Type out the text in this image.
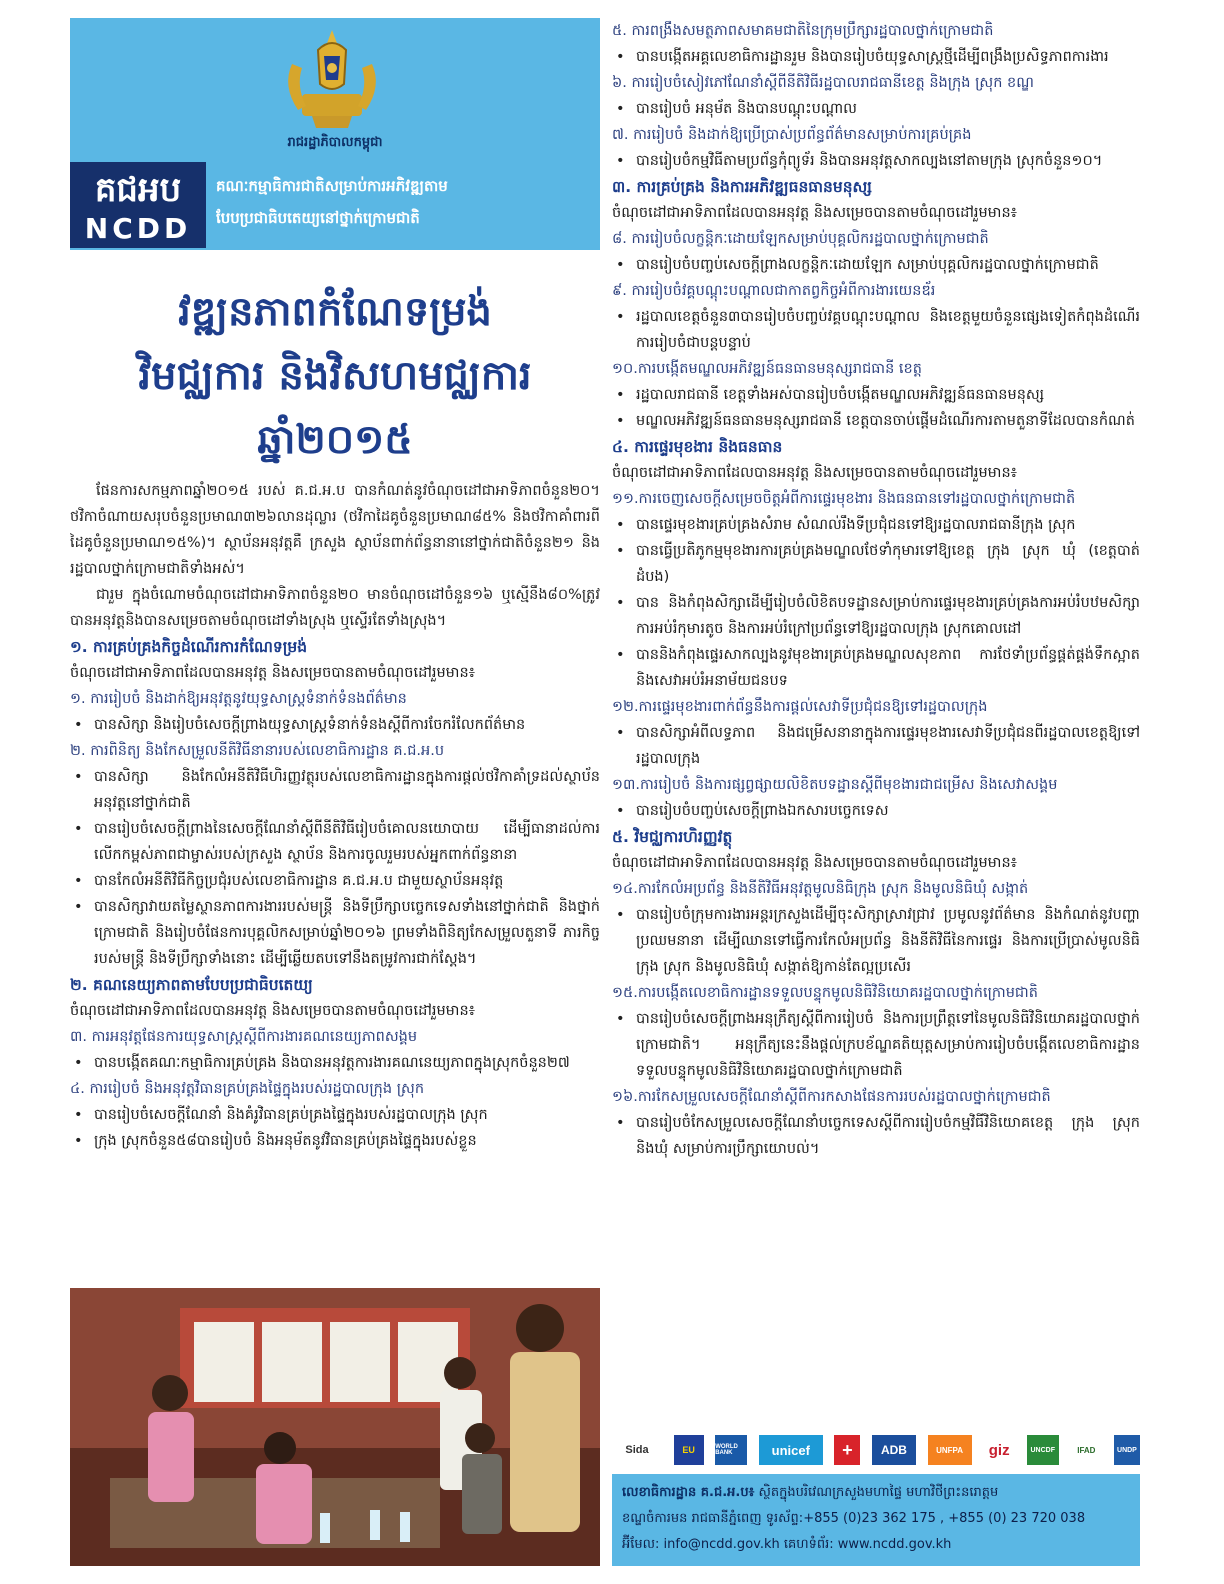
រាជរដ្ឋាភិបាលកម្ពុជា
គជអប
NCDD
គណៈកម្មាធិការជាតិសម្រាប់ការអភិវឌ្ឍតាម
បែបប្រជាធិបតេយ្យនៅថ្នាក់ក្រោមជាតិ
វឌ្ឍនភាពកំណែទម្រង់
វិមជ្ឈការ និងវិសហមជ្ឈការ
ឆ្នាំ២០១៥

ផែនការសកម្មភាពឆ្នាំ២០១៥ របស់ គ.ជ.អ.ប បានកំណត់នូវចំណុចដៅជាអាទិភាពចំនួន២០។ ថវិកាចំណាយសរុបចំនួនប្រមាណ៣២៦លានដុល្លារ (ថវិកាដៃគូចំនួនប្រមាណ៨៥% និងថវិកាគាំពារពីដៃគូចំនួនប្រមាណ១៥%)។ ស្ថាប័នអនុវត្តគឺ ក្រសួង ស្ថាប័នពាក់ព័ន្ធនានានៅថ្នាក់ជាតិចំនួន២១ និងរដ្ឋបាលថ្នាក់ក្រោមជាតិទាំងអស់។

ជារួម ក្នុងចំណោមចំណុចដៅជាអាទិភាពចំនួន២០ មានចំណុចដៅចំនួន១៦ ឬស្មើនឹង៨០%ត្រូវបានអនុវត្តនិងបានសម្រេចតាមចំណុចដៅទាំងស្រុង ឬស្ទើរតែទាំងស្រុង។

១. ការគ្រប់គ្រងកិច្ចដំណើរការកំណែទម្រង់
ចំណុចដៅជាអាទិភាពដែលបានអនុវត្ត និងសម្រេចបានតាមចំណុចដៅរួមមាន៖
១. ការរៀបចំ និងដាក់ឱ្យអនុវត្តនូវយុទ្ធសាស្ត្រទំនាក់ទំនងព័ត៌មាន
• បានសិក្សា និងរៀបចំសេចក្ដីព្រាងយុទ្ធសាស្ត្រទំនាក់ទំនងស្ដីពីការចែករំលែកព័ត៌មាន
២. ការពិនិត្យ និងកែសម្រួលនីតិវិធីនានារបស់លេខាធិការដ្ឋាន គ.ជ.អ.ប
• បានសិក្សា និងកែលំអនីតិវិធីហិរញ្ញវត្ថុរបស់លេខាធិការដ្ឋានក្នុងការផ្ដល់ថវិកាគាំទ្រដល់ស្ថាប័នអនុវត្តនៅថ្នាក់ជាតិ
• បានរៀបចំសេចក្ដីព្រាងនៃសេចក្ដីណែនាំស្ដីពីនីតិវិធីរៀបចំគោលនយោបាយ ដើម្បីធានាដល់ការលើកកម្ពស់ភាពជាម្ចាស់របស់ក្រសួង ស្ថាប័ន និងការចូលរួមរបស់អ្នកពាក់ព័ន្ធនានា
• បានកែលំអនីតិវិធីកិច្ចប្រជុំរបស់លេខាធិការដ្ឋាន គ.ជ.អ.ប ជាមួយស្ថាប័នអនុវត្ត
• បានសិក្សាវាយតម្លៃស្ថានភាពការងាររបស់មន្ត្រី និងទីប្រឹក្សាបច្ចេកទេសទាំងនៅថ្នាក់ជាតិ និងថ្នាក់ក្រោមជាតិ និងរៀបចំផែនការបុគ្គលិកសម្រាប់ឆ្នាំ២០១៦ ព្រមទាំងពិនិត្យកែសម្រួលតួនាទី ភារកិច្ចរបស់មន្ត្រី និងទីប្រឹក្សាទាំងនោះ ដើម្បីឆ្លើយតបទៅនឹងតម្រូវការជាក់ស្ដែង។
២. គណនេយ្យភាពតាមបែបប្រជាធិបតេយ្យ
ចំណុចដៅជាអាទិភាពដែលបានអនុវត្ត និងសម្រេចបានតាមចំណុចដៅរួមមាន៖
៣. ការអនុវត្តផែនការយុទ្ធសាស្ត្រស្ដីពីការងារគណនេយ្យភាពសង្គម
• បានបង្កើតគណៈកម្មាធិការគ្រប់គ្រង និងបានអនុវត្តការងារគណនេយ្យភាពក្នុងស្រុកចំនួន២៧
៤. ការរៀបចំ និងអនុវត្តវិធានគ្រប់គ្រងផ្ទៃក្នុងរបស់រដ្ឋបាលក្រុង ស្រុក
• បានរៀបចំសេចក្ដីណែនាំ និងគំរូវិធានគ្រប់គ្រងផ្ទៃក្នុងរបស់រដ្ឋបាលក្រុង ស្រុក
• ក្រុង ស្រុកចំនួន៥៨បានរៀបចំ និងអនុម័តនូវវិធានគ្រប់គ្រងផ្ទៃក្នុងរបស់ខ្លួន
៥. ការពង្រឹងសមត្ថភាពសមាគមជាតិនៃក្រុមប្រឹក្សារដ្ឋបាលថ្នាក់ក្រោមជាតិ
• បានបង្កើតអគ្គលេខាធិការដ្ឋានរួម និងបានរៀបចំយុទ្ធសាស្ត្រថ្មីដើម្បីពង្រឹងប្រសិទ្ធភាពការងារ
៦. ការរៀបចំសៀវភៅណែនាំស្ដីពីនីតិវិធីរដ្ឋបាលរាជធានីខេត្ត និងក្រុង ស្រុក ខណ្ឌ
• បានរៀបចំ អនុម័ត និងបានបណ្ដុះបណ្ដាល
៧. ការរៀបចំ និងដាក់ឱ្យប្រើប្រាស់ប្រព័ន្ធព័ត៌មានសម្រាប់ការគ្រប់គ្រង
• បានរៀបចំកម្មវិធីតាមប្រព័ន្ធកុំព្យូទ័រ និងបានអនុវត្តសាកល្បងនៅតាមក្រុង ស្រុកចំនួន១០។
៣. ការគ្រប់គ្រង និងការអភិវឌ្ឍធនធានមនុស្ស
ចំណុចដៅជាអាទិភាពដែលបានអនុវត្ត និងសម្រេចបានតាមចំណុចដៅរួមមាន៖
៨. ការរៀបចំលក្ខន្តិកៈដោយឡែកសម្រាប់បុគ្គលិករដ្ឋបាលថ្នាក់ក្រោមជាតិ
• បានរៀបចំបញ្ចប់សេចក្ដីព្រាងលក្ខន្តិកៈដោយឡែក សម្រាប់បុគ្គលិករដ្ឋបាលថ្នាក់ក្រោមជាតិ
៩. ការរៀបចំវគ្គបណ្ដុះបណ្ដាលជាកាតព្វកិច្ចអំពីការងារយេនឌ័រ
• រដ្ឋបាលខេត្តចំនួន៣បានរៀបចំបញ្ចប់វគ្គបណ្ដុះបណ្ដាល និងខេត្តមួយចំនួនផ្សេងទៀតកំពុងដំណើរការរៀបចំជាបន្តបន្ទាប់
១០.ការបង្កើតមណ្ឌលអភិវឌ្ឍន៍ធនធានមនុស្សរាជធានី ខេត្ត
• រដ្ឋបាលរាជធានី ខេត្តទាំងអស់បានរៀបចំបង្កើតមណ្ឌលអភិវឌ្ឍន៍ធនធានមនុស្ស
• មណ្ឌលអភិវឌ្ឍន៍ធនធានមនុស្សរាជធានី ខេត្តបានចាប់ផ្ដើមដំណើរការតាមតួនាទីដែលបានកំណត់
៤. ការផ្ទេរមុខងារ និងធនធាន
ចំណុចដៅជាអាទិភាពដែលបានអនុវត្ត និងសម្រេចបានតាមចំណុចដៅរួមមាន៖
១១.ការចេញសេចក្ដីសម្រេចចិត្តអំពីការផ្ទេរមុខងារ និងធនធានទៅរដ្ឋបាលថ្នាក់ក្រោមជាតិ
• បានផ្ទេរមុខងារគ្រប់គ្រងសំរាម សំណល់រឹងទីប្រជុំជនទៅឱ្យរដ្ឋបាលរាជធានីក្រុង ស្រុក
• បានធ្វើប្រតិភូកម្មមុខងារការគ្រប់គ្រងមណ្ឌលថែទាំកុមារទៅឱ្យខេត្ត ក្រុង ស្រុក ឃុំ (ខេត្តបាត់ដំបង)
• បាន និងកំពុងសិក្សាដើម្បីរៀបចំលិខិតបទដ្ឋានសម្រាប់ការផ្ទេរមុខងារគ្រប់គ្រងការអប់រំបឋមសិក្សា ការអប់រំកុមារតូច និងការអប់រំក្រៅប្រព័ន្ធទៅឱ្យរដ្ឋបាលក្រុង ស្រុកគោលដៅ
• បាននិងកំពុងផ្ទេរសាកល្បងនូវមុខងារគ្រប់គ្រងមណ្ឌលសុខភាព ការថែទាំប្រព័ន្ធផ្គត់ផ្គង់ទឹកស្អាត និងសេវាអប់រំអនាម័យជនបទ
១២.ការផ្ទេរមុខងារពាក់ព័ន្ធនឹងការផ្ដល់សេវាទីប្រជុំជនឱ្យទៅរដ្ឋបាលក្រុង
• បានសិក្សាអំពីលទ្ធភាព និងជម្រើសនានាក្នុងការផ្ទេរមុខងារសេវាទីប្រជុំជនពីរដ្ឋបាលខេត្តឱ្យទៅរដ្ឋបាលក្រុង
១៣.ការរៀបចំ និងការផ្សព្វផ្សាយលិខិតបទដ្ឋានស្ដីពីមុខងារជាជម្រើស និងសេវាសង្គម
• បានរៀបចំបញ្ចប់សេចក្ដីព្រាងឯកសារបច្ចេកទេស
៥. វិមជ្ឈការហិរញ្ញវត្ថុ
ចំណុចដៅជាអាទិភាពដែលបានអនុវត្ត និងសម្រេចបានតាមចំណុចដៅរួមមាន៖
១៤.ការកែលំអប្រព័ន្ធ និងនីតិវិធីអនុវត្តមូលនិធិក្រុង ស្រុក និងមូលនិធិឃុំ សង្កាត់
• បានរៀបចំក្រុមការងារអន្តរក្រសួងដើម្បីចុះសិក្សាស្រាវជ្រាវ ប្រមូលនូវព័ត៌មាន និងកំណត់នូវបញ្ហាប្រឈមនានា ដើម្បីឈានទៅធ្វើការកែលំអប្រព័ន្ធ និងនីតិវិធីនៃការផ្ទេរ និងការប្រើប្រាស់មូលនិធិក្រុង ស្រុក និងមូលនិធិឃុំ សង្កាត់ឱ្យកាន់តែល្អប្រសើរ
១៥.ការបង្កើតលេខាធិការដ្ឋានទទួលបន្ទុកមូលនិធិវិនិយោគរដ្ឋបាលថ្នាក់ក្រោមជាតិ
• បានរៀបចំសេចក្ដីព្រាងអនុក្រឹត្យស្ដីពីការរៀបចំ និងការប្រព្រឹត្តទៅនៃមូលនិធិវិនិយោគរដ្ឋបាលថ្នាក់ក្រោមជាតិ។ អនុក្រឹត្យនេះនឹងផ្ដល់ក្របខ័ណ្ឌគតិយុត្តសម្រាប់ការរៀបចំបង្កើតលេខាធិការដ្ឋានទទួលបន្ទុកមូលនិធិវិនិយោគរដ្ឋបាលថ្នាក់ក្រោមជាតិ
១៦.ការកែសម្រួលសេចក្ដីណែនាំស្ដីពីការកសាងផែនការរបស់រដ្ឋបាលថ្នាក់ក្រោមជាតិ
• បានរៀបចំកែសម្រួលសេចក្ដីណែនាំបច្ចេកទេសស្ដីពីការរៀបចំកម្មវិធីវិនិយោគខេត្ត ក្រុង ស្រុក និងឃុំ សម្រាប់ការប្រឹក្សាយោបល់។
Sida	EU	WORLD BANK	unicef	+	ADB	UNFPA	giz	UNCDF	IFAD	UNDP
លេខាធិការដ្ឋាន គ.ជ.អ.ប៖ ស្ថិតក្នុងបរិវេណក្រសួងមហាផ្ទៃ មហាវិថីព្រះនរោត្តម
ខណ្ឌចំការមន រាជធានីភ្នំពេញ ទូរស័ព្ទ:+855 (0)23 362 175 , +855 (0) 23 720 038
អ៊ីមែល: info@ncdd.gov.kh គេហទំព័រ: www.ncdd.gov.kh
